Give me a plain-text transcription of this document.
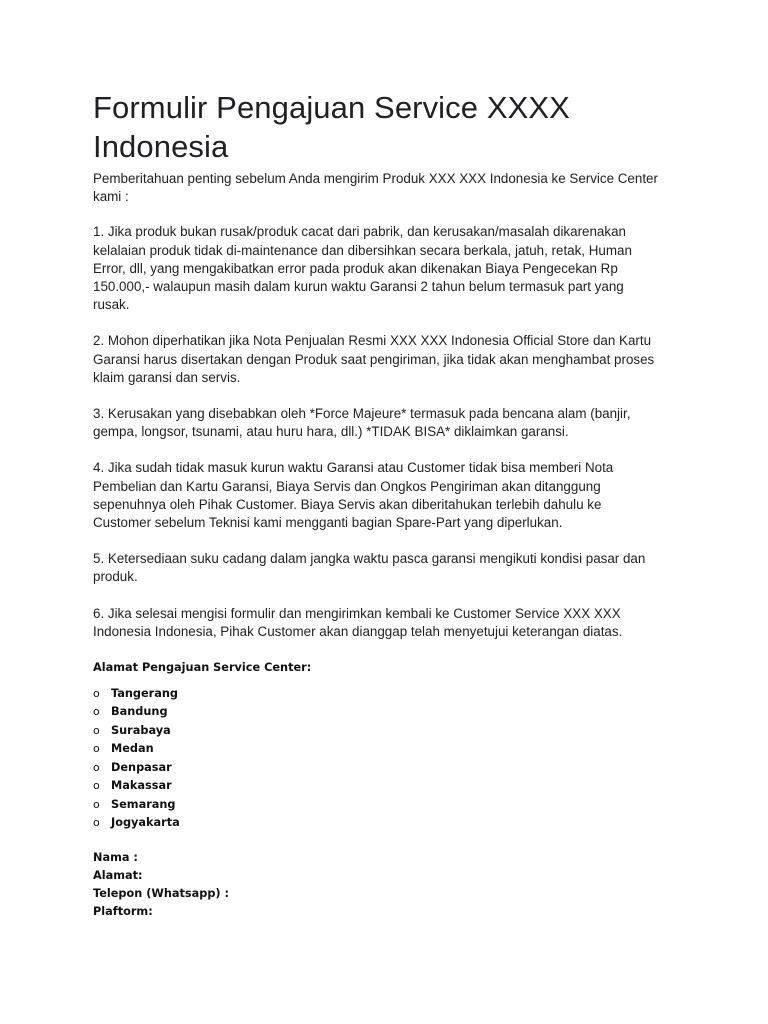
Formulir Pengajuan Service XXXX Indonesia

Pemberitahuan penting sebelum Anda mengirim Produk XXX XXX Indonesia ke Service Center kami :

1. Jika produk bukan rusak/produk cacat dari pabrik, dan kerusakan/masalah dikarenakan kelalaian produk tidak di-maintenance dan dibersihkan secara berkala, jatuh, retak, Human Error, dll, yang mengakibatkan error pada produk akan dikenakan Biaya Pengecekan Rp 150.000,- walaupun masih dalam kurun waktu Garansi 2 tahun belum termasuk part yang rusak.

2. Mohon diperhatikan jika Nota Penjualan Resmi XXX XXX Indonesia Official Store dan Kartu Garansi harus disertakan dengan Produk saat pengiriman, jika tidak akan menghambat proses klaim garansi dan servis.

3. Kerusakan yang disebabkan oleh *Force Majeure* termasuk pada bencana alam (banjir, gempa, longsor, tsunami, atau huru hara, dll.) *TIDAK BISA* diklaimkan garansi.

4. Jika sudah tidak masuk kurun waktu Garansi atau Customer tidak bisa memberi Nota Pembelian dan Kartu Garansi, Biaya Servis dan Ongkos Pengiriman akan ditanggung sepenuhnya oleh Pihak Customer. Biaya Servis akan diberitahukan terlebih dahulu ke Customer sebelum Teknisi kami mengganti bagian Spare-Part yang diperlukan.

5. Ketersediaan suku cadang dalam jangka waktu pasca garansi mengikuti kondisi pasar dan produk.

6. Jika selesai mengisi formulir dan mengirimkan kembali ke Customer Service XXX XXX Indonesia Indonesia, Pihak Customer akan dianggap telah menyetujui keterangan diatas.

Alamat Pengajuan Service Center:
o Tangerang
o Bandung
o Surabaya
o Medan
o Denpasar
o Makassar
o Semarang
o Jogyakarta
Nama :
Alamat:
Telepon (Whatsapp) :
Plaftorm:
